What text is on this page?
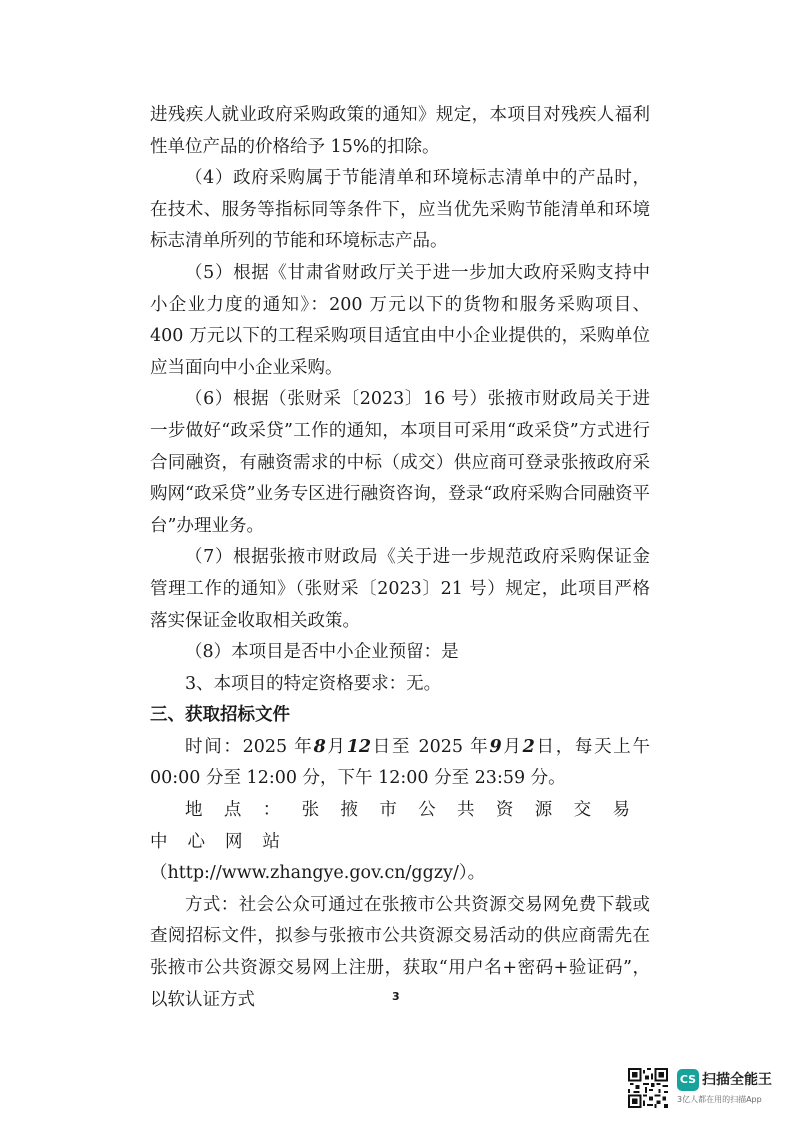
进残疾人就业政府采购政策的通知》规定，本项目对残疾人福利性单位产品的价格给予 15%的扣除。

（4）政府采购属于节能清单和环境标志清单中的产品时，在技术、服务等指标同等条件下，应当优先采购节能清单和环境标志清单所列的节能和环境标志产品。

（5）根据《甘肃省财政厅关于进一步加大政府采购支持中小企业力度的通知》：200 万元以下的货物和服务采购项目、400 万元以下的工程采购项目适宜由中小企业提供的，采购单位应当面向中小企业采购。

（6）根据（张财采〔2023〕16 号）张掖市财政局关于进一步做好“政采贷”工作的通知，本项目可采用“政采贷”方式进行合同融资，有融资需求的中标（成交）供应商可登录张掖政府采购网“政采贷”业务专区进行融资咨询，登录“政府采购合同融资平台”办理业务。

（7）根据张掖市财政局《关于进一步规范政府采购保证金管理工作的通知》（张财采〔2023〕21 号）规定，此项目严格落实保证金收取相关政策。

（8）本项目是否中小企业预留：是

3、本项目的特定资格要求：无。

三、获取招标文件

时间：2025 年8月12日至 2025 年9月2日，每天上午 00:00 分至 12:00 分，下午 12:00 分至 23:59 分。

地点：张掖市公共资源交易中心网站

（http://www.zhangye.gov.cn/ggzy/）。

方式：社会公众可通过在张掖市公共资源交易网免费下载或查阅招标文件，拟参与张掖市公共资源交易活动的供应商需先在张掖市公共资源交易网上注册，获取“用户名+密码+验证码”，以软认证方式	3
CS 扫描全能王
3亿人都在用的扫描App
